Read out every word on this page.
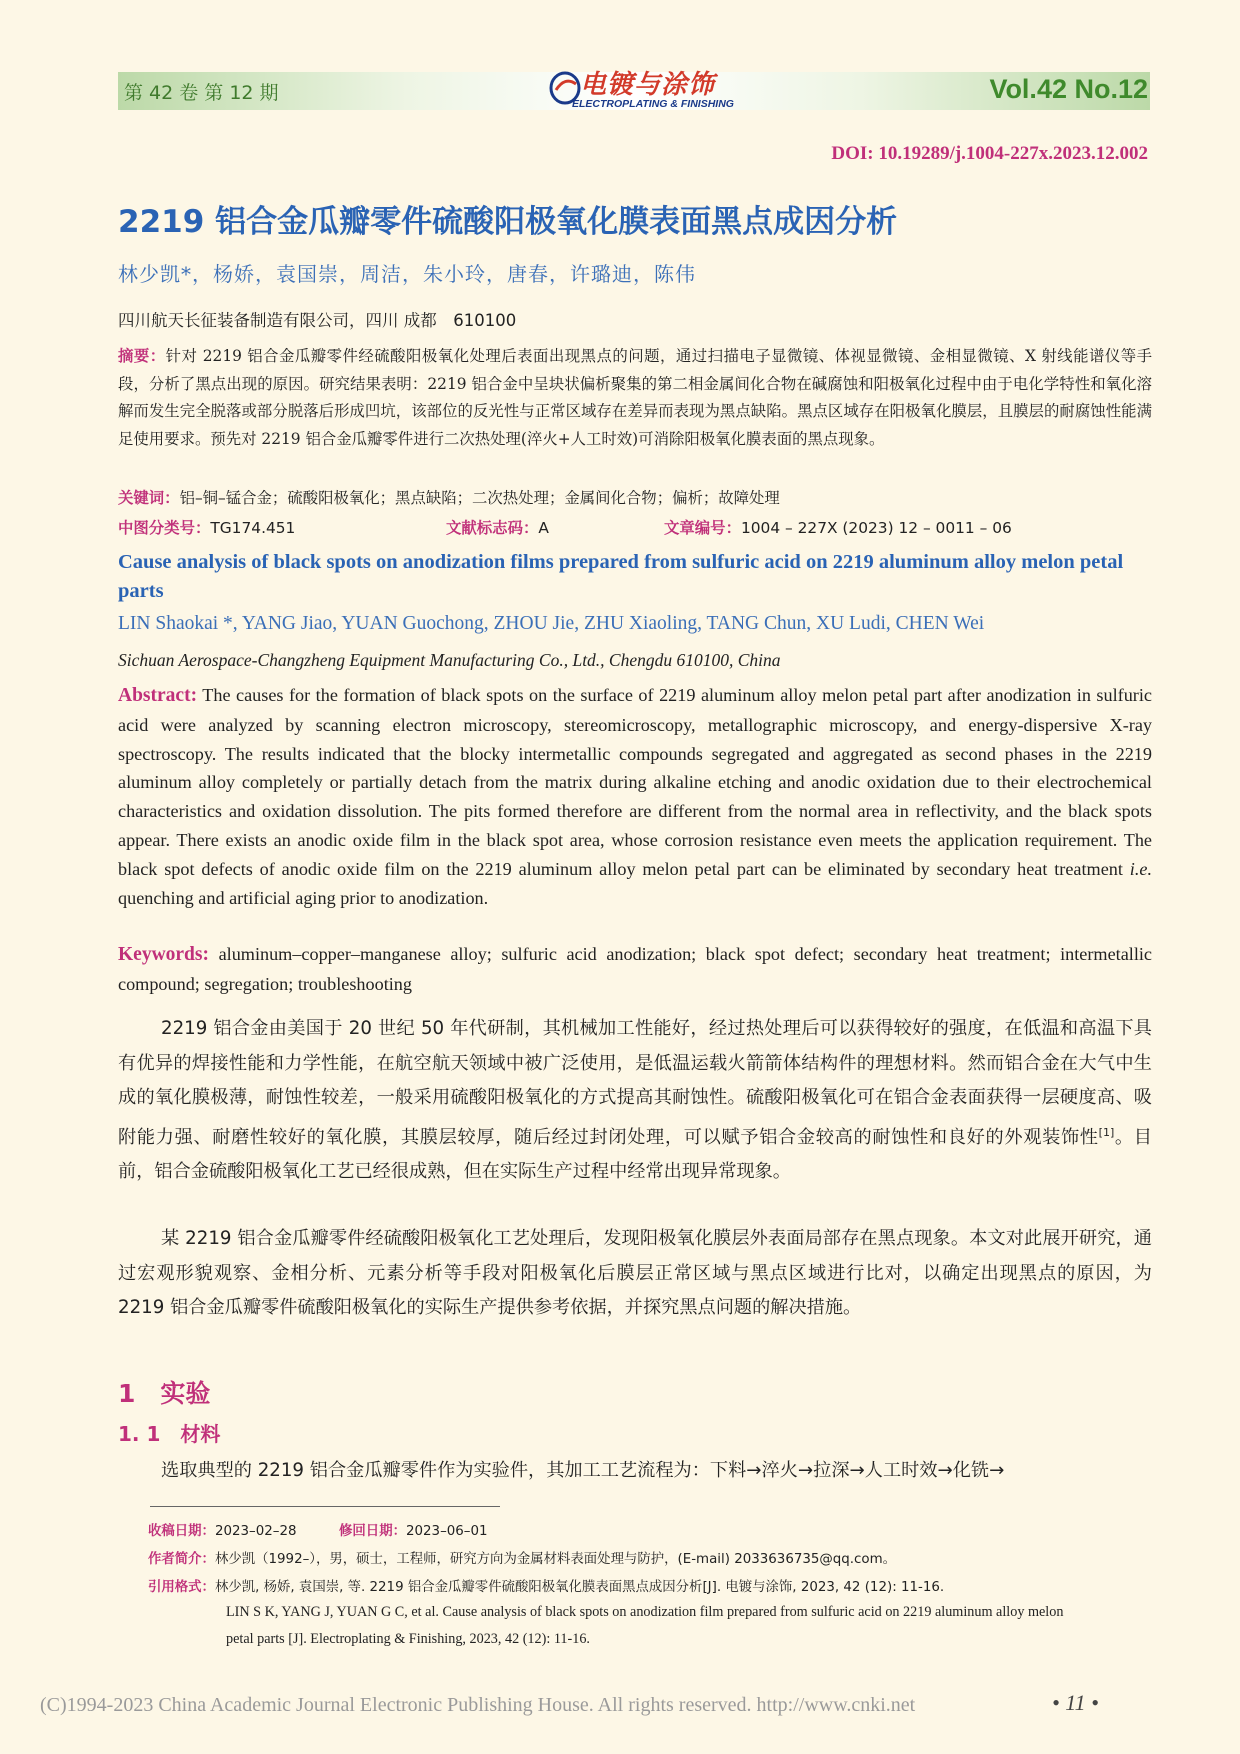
第 42 卷 第 12 期	电镀与涂饰
ELECTROPLATING & FINISHING	Vol.42 No.12
DOI: 10.19289/j.1004-227x.2023.12.002
2219 铝合金瓜瓣零件硫酸阳极氧化膜表面黑点成因分析
林少凯*，杨娇，袁国崇，周洁，朱小玲，唐春，许璐迪，陈伟
四川航天长征装备制造有限公司，四川 成都　610100
摘要：针对 2219 铝合金瓜瓣零件经硫酸阳极氧化处理后表面出现黑点的问题，通过扫描电子显微镜、体视显微镜、金相显微镜、X 射线能谱仪等手段，分析了黑点出现的原因。研究结果表明：2219 铝合金中呈块状偏析聚集的第二相金属间化合物在碱腐蚀和阳极氧化过程中由于电化学特性和氧化溶解而发生完全脱落或部分脱落后形成凹坑，该部位的反光性与正常区域存在差异而表现为黑点缺陷。黑点区域存在阳极氧化膜层，且膜层的耐腐蚀性能满足使用要求。预先对 2219 铝合金瓜瓣零件进行二次热处理(淬火+人工时效)可消除阳极氧化膜表面的黑点现象。
关键词：铝–铜–锰合金；硫酸阳极氧化；黑点缺陷；二次热处理；金属间化合物；偏析；故障处理
中图分类号：TG174.451	文献标志码：A	文章编号：1004 – 227X (2023) 12 – 0011 – 06
Cause analysis of black spots on anodization films prepared from sulfuric acid on 2219 aluminum alloy melon petal parts
LIN Shaokai *, YANG Jiao, YUAN Guochong, ZHOU Jie, ZHU Xiaoling, TANG Chun, XU Ludi, CHEN Wei
Sichuan Aerospace-Changzheng Equipment Manufacturing Co., Ltd., Chengdu 610100, China
Abstract: The causes for the formation of black spots on the surface of 2219 aluminum alloy melon petal part after anodization in sulfuric acid were analyzed by scanning electron microscopy, stereomicroscopy, metallographic microscopy, and energy-dispersive X-ray spectroscopy. The results indicated that the blocky intermetallic compounds segregated and aggregated as second phases in the 2219 aluminum alloy completely or partially detach from the matrix during alkaline etching and anodic oxidation due to their electrochemical characteristics and oxidation dissolution. The pits formed therefore are different from the normal area in reflectivity, and the black spots appear. There exists an anodic oxide film in the black spot area, whose corrosion resistance even meets the application requirement. The black spot defects of anodic oxide film on the 2219 aluminum alloy melon petal part can be eliminated by secondary heat treatment i.e. quenching and artificial aging prior to anodization.
Keywords: aluminum–copper–manganese alloy; sulfuric acid anodization; black spot defect; secondary heat treatment; intermetallic compound; segregation; troubleshooting
2219 铝合金由美国于 20 世纪 50 年代研制，其机械加工性能好，经过热处理后可以获得较好的强度，在低温和高温下具有优异的焊接性能和力学性能，在航空航天领域中被广泛使用，是低温运载火箭箭体结构件的理想材料。然而铝合金在大气中生成的氧化膜极薄，耐蚀性较差，一般采用硫酸阳极氧化的方式提高其耐蚀性。硫酸阳极氧化可在铝合金表面获得一层硬度高、吸附能力强、耐磨性较好的氧化膜，其膜层较厚，随后经过封闭处理，可以赋予铝合金较高的耐蚀性和良好的外观装饰性[1]。目前，铝合金硫酸阳极氧化工艺已经很成熟，但在实际生产过程中经常出现异常现象。
某 2219 铝合金瓜瓣零件经硫酸阳极氧化工艺处理后，发现阳极氧化膜层外表面局部存在黑点现象。本文对此展开研究，通过宏观形貌观察、金相分析、元素分析等手段对阳极氧化后膜层正常区域与黑点区域进行比对，以确定出现黑点的原因，为 2219 铝合金瓜瓣零件硫酸阳极氧化的实际生产提供参考依据，并探究黑点问题的解决措施。
1　实验
1. 1　材料
选取典型的 2219 铝合金瓜瓣零件作为实验件，其加工工艺流程为：下料→淬火→拉深→人工时效→化铣→
收稿日期：2023–02–28	修回日期：2023–06–01
作者简介：林少凯（1992–），男，硕士，工程师，研究方向为金属材料表面处理与防护，(E-mail) 2033636735@qq.com。
引用格式：林少凯, 杨娇, 袁国崇, 等. 2219 铝合金瓜瓣零件硫酸阳极氧化膜表面黑点成因分析[J]. 电镀与涂饰, 2023, 42 (12): 11-16.
LIN S K, YANG J, YUAN G C, et al. Cause analysis of black spots on anodization film prepared from sulfuric acid on 2219 aluminum alloy melon
petal parts [J]. Electroplating & Finishing, 2023, 42 (12): 11-16.
(C)1994-2023 China Academic Journal Electronic Publishing House. All rights reserved. http://www.cnki.net	• 11 •
